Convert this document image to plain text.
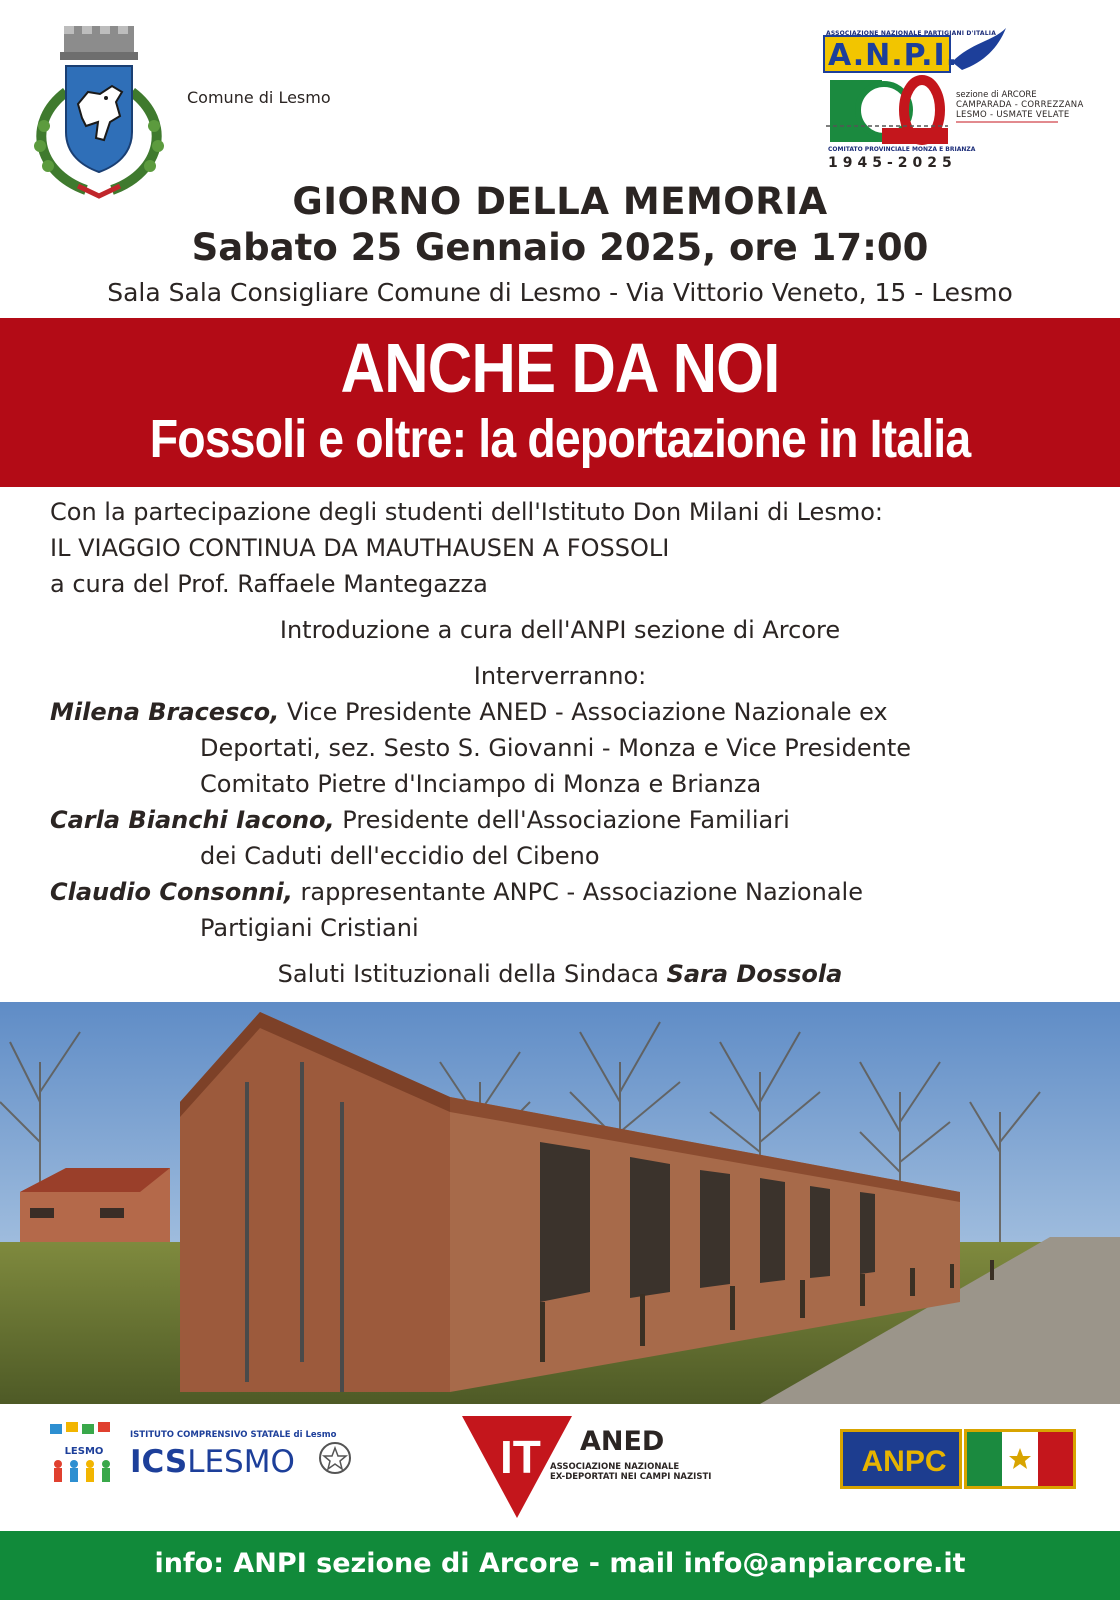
Comune di Lesmo
ASSOCIAZIONE NAZIONALE PARTIGIANI D'ITALIA
A.N.P.I.
sezione di ARCORE
CAMPARADA - CORREZZANA
LESMO - USMATE VELATE
COMITATO PROVINCIALE MONZA E BRIANZA
1945-2025
GIORNO DELLA MEMORIA
Sabato 25 Gennaio 2025, ore 17:00
Sala Sala Consigliare Comune di Lesmo - Via Vittorio Veneto, 15 - Lesmo
ANCHE DA NOI
Fossoli e oltre: la deportazione in Italia
Con la partecipazione degli studenti dell'Istituto Don Milani di Lesmo:
IL VIAGGIO CONTINUA DA MAUTHAUSEN A FOSSOLI
a cura del Prof. Raffaele Mantegazza
Introduzione a cura dell'ANPI sezione di Arcore
Interverranno:
Milena Bracesco, Vice Presidente ANED - Associazione Nazionale ex
Deportati, sez. Sesto S. Giovanni - Monza e Vice Presidente
Comitato Pietre d'Inciampo di Monza e Brianza
Carla Bianchi Iacono, Presidente dell'Associazione Familiari
dei Caduti dell'eccidio del Cibeno
Claudio Consonni, rappresentante ANPC - Associazione Nazionale
Partigiani Cristiani
Saluti Istituzionali della Sindaca Sara Dossola
LESMO
ISTITUTO COMPRENSIVO STATALE di Lesmo
ICSLESMO	IT ANED
ASSOCIAZIONE NAZIONALE
EX-DEPORTATI NEI CAMPI NAZISTI	ANPC
info: ANPI sezione di Arcore - mail info@anpiarcore.it
